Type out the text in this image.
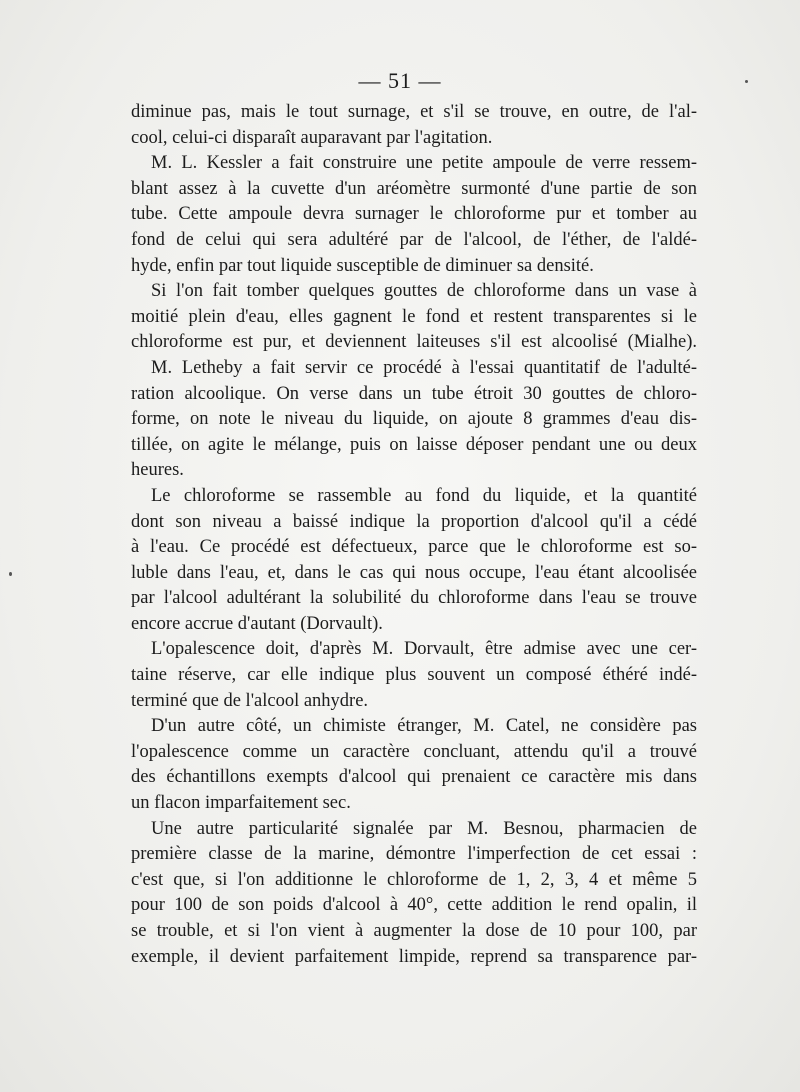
— 51 —
diminue pas, mais le tout surnage, et s'il se trouve, en outre, de l'al-
cool, celui-ci disparaît auparavant par l'agitation.
M. L. Kessler a fait construire une petite ampoule de verre ressem-
blant assez à la cuvette d'un aréomètre surmonté d'une partie de son
tube. Cette ampoule devra surnager le chloroforme pur et tomber au
fond de celui qui sera adultéré par de l'alcool, de l'éther, de l'aldé-
hyde, enfin par tout liquide susceptible de diminuer sa densité.
Si l'on fait tomber quelques gouttes de chloroforme dans un vase à
moitié plein d'eau, elles gagnent le fond et restent transparentes si le
chloroforme est pur, et deviennent laiteuses s'il est alcoolisé (Mialhe).
M. Letheby a fait servir ce procédé à l'essai quantitatif de l'adulté-
ration alcoolique. On verse dans un tube étroit 30 gouttes de chloro-
forme, on note le niveau du liquide, on ajoute 8 grammes d'eau dis-
tillée, on agite le mélange, puis on laisse déposer pendant une ou deux
heures.
Le chloroforme se rassemble au fond du liquide, et la quantité
dont son niveau a baissé indique la proportion d'alcool qu'il a cédé
à l'eau. Ce procédé est défectueux, parce que le chloroforme est so-
luble dans l'eau, et, dans le cas qui nous occupe, l'eau étant alcoolisée
par l'alcool adultérant la solubilité du chloroforme dans l'eau se trouve
encore accrue d'autant (Dorvault).
L'opalescence doit, d'après M. Dorvault, être admise avec une cer-
taine réserve, car elle indique plus souvent un composé éthéré indé-
terminé que de l'alcool anhydre.
D'un autre côté, un chimiste étranger, M. Catel, ne considère pas
l'opalescence comme un caractère concluant, attendu qu'il a trouvé
des échantillons exempts d'alcool qui prenaient ce caractère mis dans
un flacon imparfaitement sec.
Une autre particularité signalée par M. Besnou, pharmacien de
première classe de la marine, démontre l'imperfection de cet essai :
c'est que, si l'on additionne le chloroforme de 1, 2, 3, 4 et même 5
pour 100 de son poids d'alcool à 40°, cette addition le rend opalin, il
se trouble, et si l'on vient à augmenter la dose de 10 pour 100, par
exemple, il devient parfaitement limpide, reprend sa transparence par-
